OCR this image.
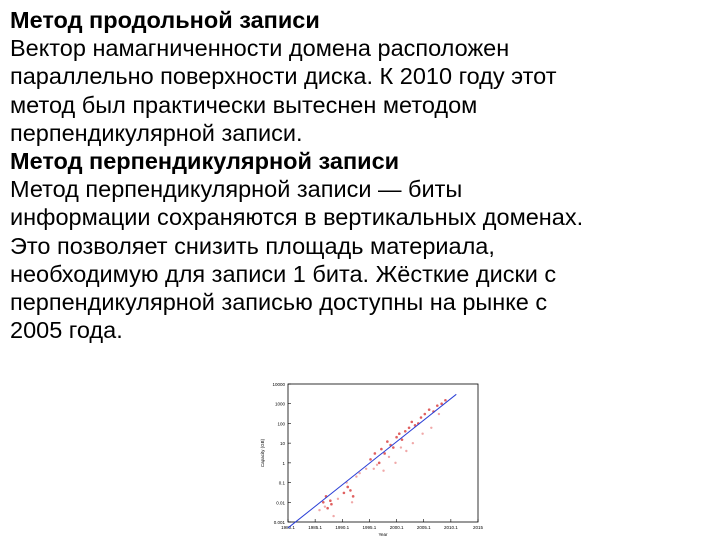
Метод продольной записи
Вектор намагниченности домена расположен
параллельно поверхности диска. К 2010 году этот
метод был практически вытеснен методом
перпендикулярной записи.
Метод перпендикулярной записи
Метод перпендикулярной записи — биты
информации сохраняются в вертикальных доменах.
Это позволяет снизить площадь материала,
необходимую для записи 1 бита. Жёсткие диски с
перпендикулярной записью доступны на рынке с
2005 года.
0.001
0.01
0.1
1
10
100
1000
10000
1980.1	1985.1	1990.1	1995.1	2000.1	2005.1	2010.1	2015
Year
Capacity (GB)
